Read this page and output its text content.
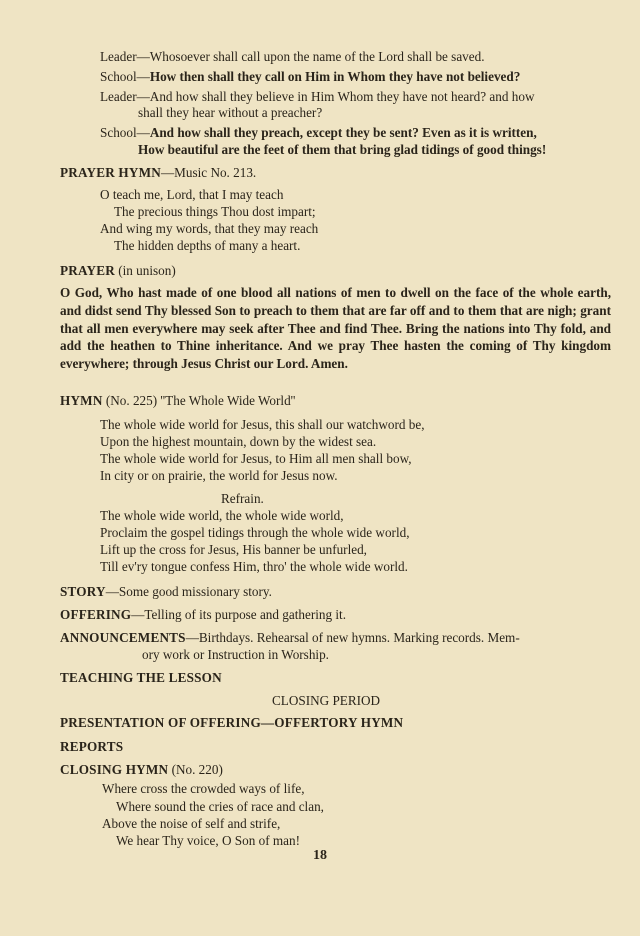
Leader—Whosoever shall call upon the name of the Lord shall be saved.
School—How then shall they call on Him in Whom they have not believed?
Leader—And how shall they believe in Him Whom they have not heard? and how
shall they hear without a preacher?
School—And how shall they preach, except they be sent? Even as it is written,
How beautiful are the feet of them that bring glad tidings of good things!
PRAYER HYMN—Music No. 213.
O teach me, Lord, that I may teach
The precious things Thou dost impart;
And wing my words, that they may reach
The hidden depths of many a heart.
PRAYER (in unison)
O God, Who hast made of one blood all nations of men to dwell on the face of the whole earth, and didst send Thy blessed Son to preach to them that are far off and to them that are nigh; grant that all men everywhere may seek after Thee and find Thee. Bring the nations into Thy fold, and add the heathen to Thine inheritance. And we pray Thee hasten the coming of Thy kingdom everywhere; through Jesus Christ our Lord. Amen.
HYMN (No. 225) ''The Whole Wide World''
The whole wide world for Jesus, this shall our watchword be,
Upon the highest mountain, down by the widest sea.
The whole wide world for Jesus, to Him all men shall bow,
In city or on prairie, the world for Jesus now.
Refrain.
The whole wide world, the whole wide world,
Proclaim the gospel tidings through the whole wide world,
Lift up the cross for Jesus, His banner be unfurled,
Till ev'ry tongue confess Him, thro' the whole wide world.
STORY—Some good missionary story.
OFFERING—Telling of its purpose and gathering it.
ANNOUNCEMENTS—Birthdays. Rehearsal of new hymns. Marking records. Mem-
ory work or Instruction in Worship.
TEACHING THE LESSON
CLOSING PERIOD
PRESENTATION OF OFFERING—OFFERTORY HYMN
REPORTS
CLOSING HYMN (No. 220)
Where cross the crowded ways of life,
Where sound the cries of race and clan,
Above the noise of self and strife,
We hear Thy voice, O Son of man!
18
